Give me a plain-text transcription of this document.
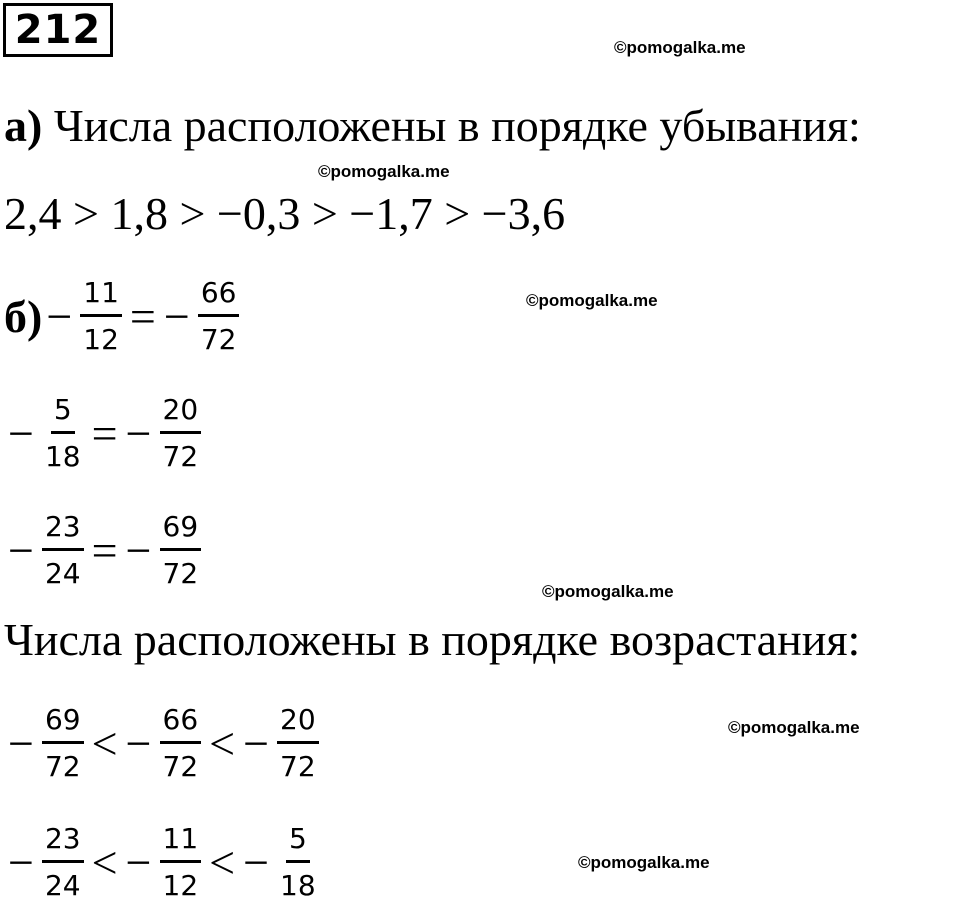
212	©pomogalka.me
©pomogalka.me
©pomogalka.me
©pomogalka.me
©pomogalka.me
©pomogalka.me
а) Числа расположены в порядке убывания:
2,4 > 1,8 > −0,3 > −1,7 > −3,6
$б) - \frac{11}{12}$ = − $\frac{66}{72}$
− $\frac{5}{18}$ = − $\frac{20}{72}$
− $\frac{23}{24}$ = − $\frac{69}{72}$
Числа расположены в порядке возрастания:
− $\frac{69}{72}$ < − $\frac{66}{72}$ < − $\frac{20}{72}$
− $\frac{23}{24}$ < − $\frac{11}{12}$ < − $\frac{5}{18}$
